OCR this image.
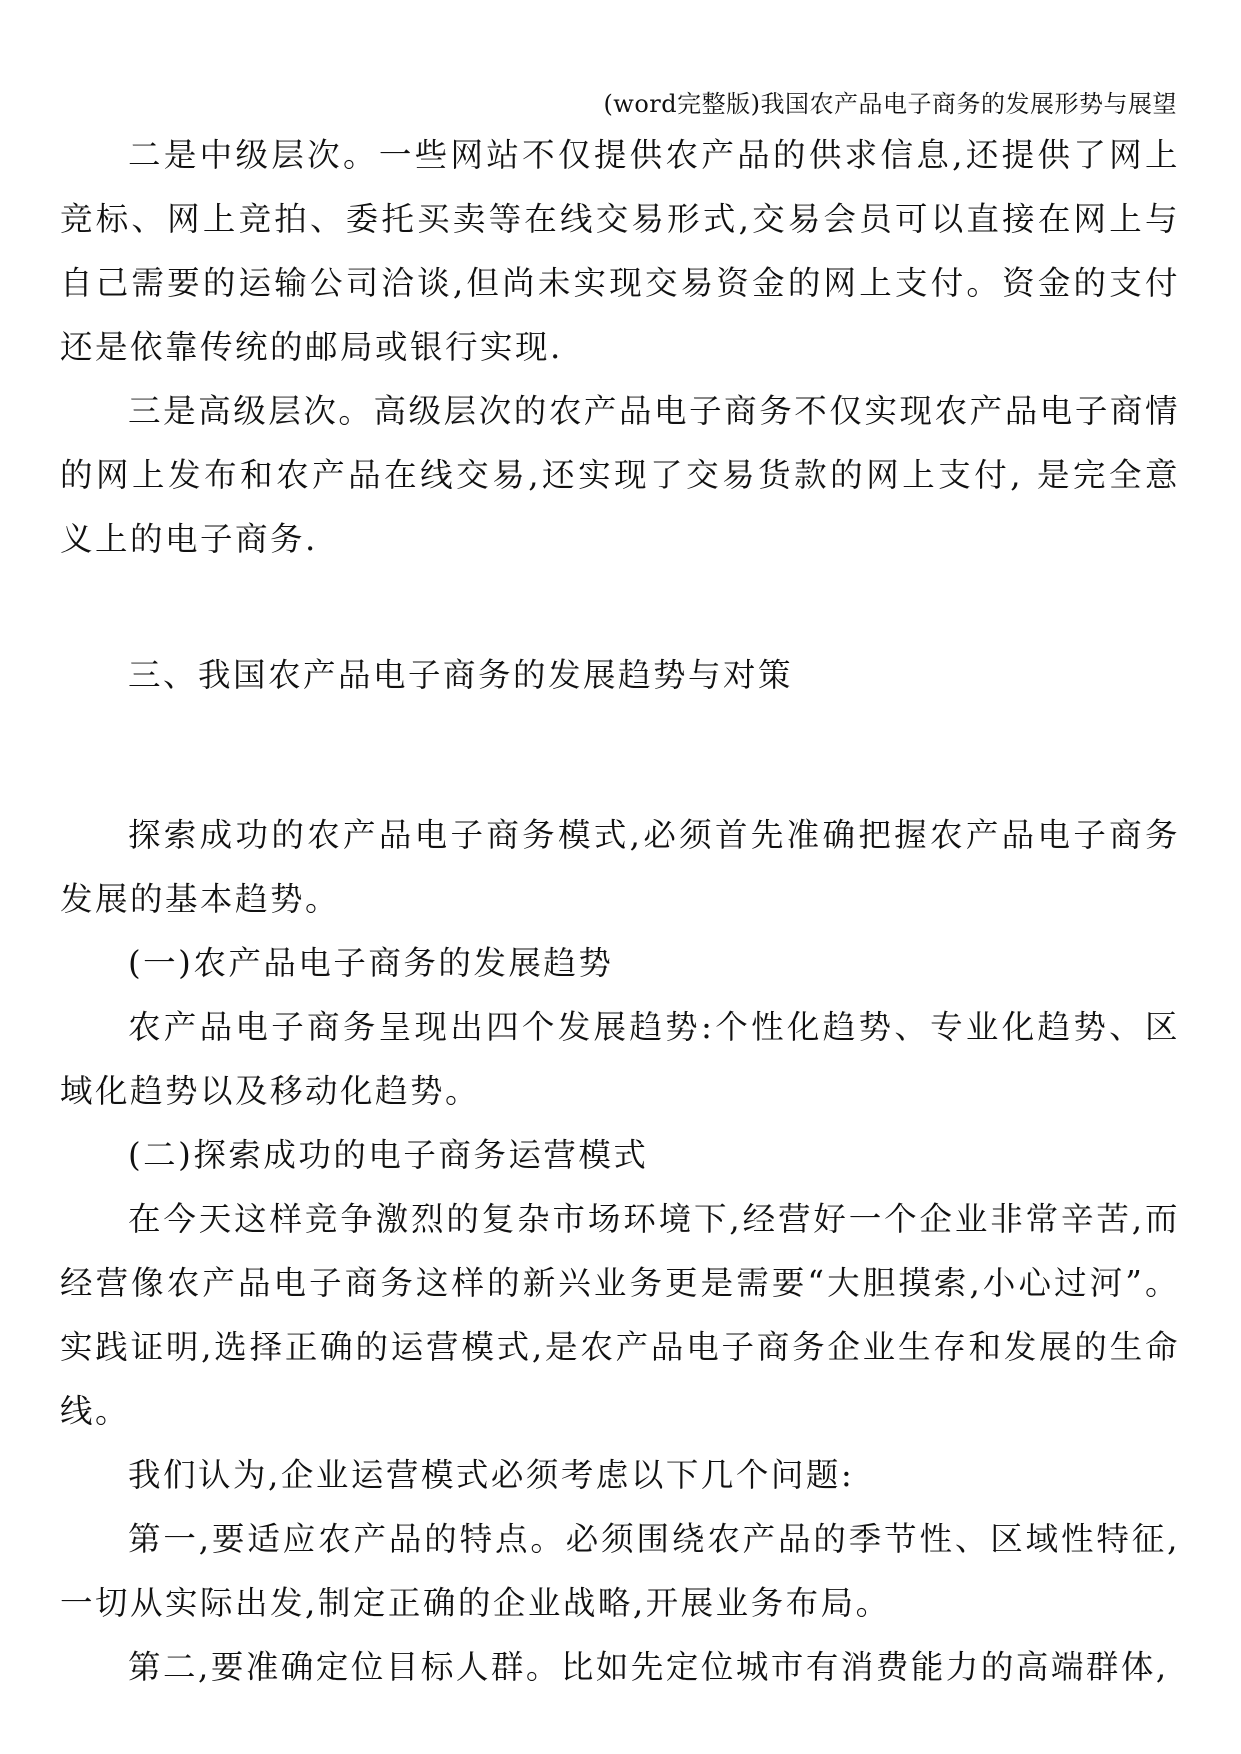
(word完整版)我国农产品电子商务的发展形势与展望

二是中级层次。一些网站不仅提供农产品的供求信息,还提供了网上竞标、网上竞拍、委托买卖等在线交易形式,交易会员可以直接在网上与自己需要的运输公司洽谈,但尚未实现交易资金的网上支付。资金的支付还是依靠传统的邮局或银行实现.

三是高级层次。高级层次的农产品电子商务不仅实现农产品电子商情的网上发布和农产品在线交易,还实现了交易货款的网上支付, 是完全意义上的电子商务.

三、我国农产品电子商务的发展趋势与对策

探索成功的农产品电子商务模式,必须首先准确把握农产品电子商务发展的基本趋势。

(一)农产品电子商务的发展趋势

农产品电子商务呈现出四个发展趋势:个性化趋势、专业化趋势、区域化趋势以及移动化趋势。

(二)探索成功的电子商务运营模式

在今天这样竞争激烈的复杂市场环境下,经营好一个企业非常辛苦,而经营像农产品电子商务这样的新兴业务更是需要“大胆摸索,小心过河”。实践证明,选择正确的运营模式,是农产品电子商务企业生存和发展的生命线。

我们认为,企业运营模式必须考虑以下几个问题:

第一,要适应农产品的特点。必须围绕农产品的季节性、区域性特征,一切从实际出发,制定正确的企业战略,开展业务布局。

第二,要准确定位目标人群。比如先定位城市有消费能力的高端群体,
